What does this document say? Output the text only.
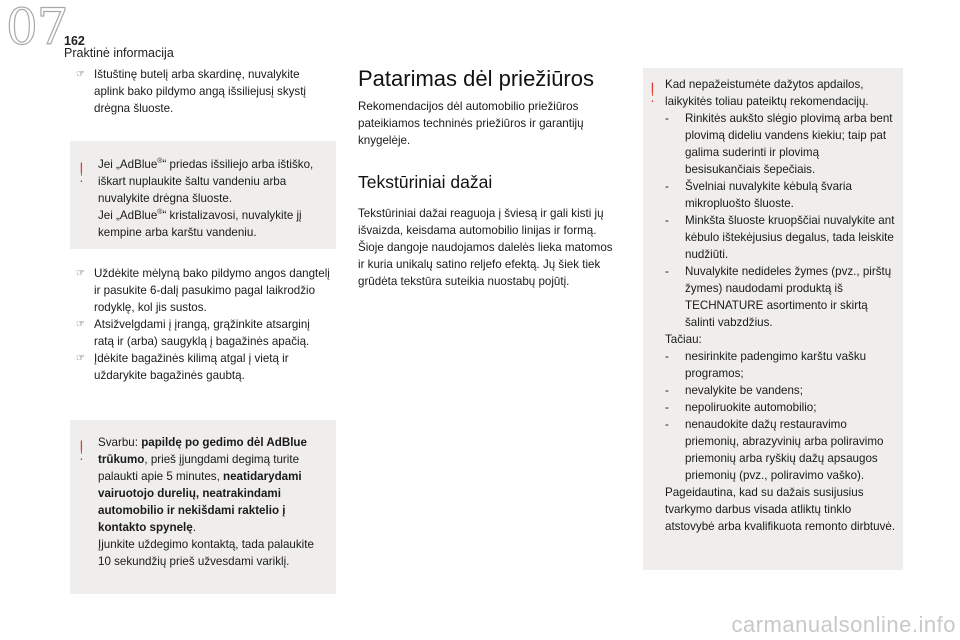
07
162
Praktinė informacija
☞ Ištuštinę butelį arba skardinę, nuvalykite aplink bako pildymo angą išsiliejusį skystį drėgna šluoste.
! Jei „AdBlue®“ priedas išsiliejo arba ištiško, iškart nuplaukite šaltu vandeniu arba nuvalykite drėgna šluoste.

Jei „AdBlue®“ kristalizavosi, nuvalykite jį kempine arba karštu vandeniu.

☞ Uždėkite mėlyną bako pildymo angos dangtelį ir pasukite 6-dalį pasukimo pagal laikrodžio rodyklę, kol jis sustos.
☞ Atsižvelgdami į įrangą, grąžinkite atsarginį ratą ir (arba) saugyklą į bagažinės apačią.
☞ Įdėkite bagažinės kilimą atgal į vietą ir uždarykite bagažinės gaubtą.
! Svarbu: papildę po gedimo dėl AdBlue trūkumo, prieš įjungdami degimą turite palaukti apie 5 minutes, neatidarydami vairuotojo durelių, neatrakindami automobilio ir nekišdami raktelio į kontakto spynelę.

Įjunkite uždegimo kontaktą, tada palaukite 10 sekundžių prieš užvesdami variklį.

Patarimas dėl priežiūros
Rekomendacijos dėl automobilio priežiūros pateikiamos techninės priežiūros ir garantijų knygelėje.
Tekstūriniai dažai
Tekstūriniai dažai reaguoja į šviesą ir gali kisti jų išvaizda, keisdama automobilio linijas ir formą. Šioje dangoje naudojamos dalelės lieka matomos ir kuria unikalų satino reljefo efektą. Jų šiek tiek grūdėta tekstūra suteikia nuostabų pojūtį.
! Kad nepažeistumėte dažytos apdailos, laikykitės toliau pateiktų rekomendacijų.

- Rinkitės aukšto slėgio plovimą arba bent plovimą dideliu vandens kiekiu; taip pat galima suderinti ir plovimą besisukančiais šepečiais.
- Švelniai nuvalykite kėbulą švaria mikropluošto šluoste.
- Minkšta šluoste kruopščiai nuvalykite ant kėbulo ištekėjusius degalus, tada leiskite nudžiūti.
- Nuvalykite nedideles žymes (pvz., pirštų žymes) naudodami produktą iš TECHNATURE asortimento ir skirtą šalinti vabzdžius.

Tačiau:

- nesirinkite padengimo karštu vašku programos;
- nevalykite be vandens;
- nepoliruokite automobilio;
- nenaudokite dažų restauravimo priemonių, abrazyvinių arba poliravimo priemonių arba ryškių dažų apsaugos priemonių (pvz., poliravimo vaško).

Pageidautina, kad su dažais susijusius tvarkymo darbus visada atliktų tinklo atstovybė arba kvalifikuota remonto dirbtuvė.

carmanualsonline.info
